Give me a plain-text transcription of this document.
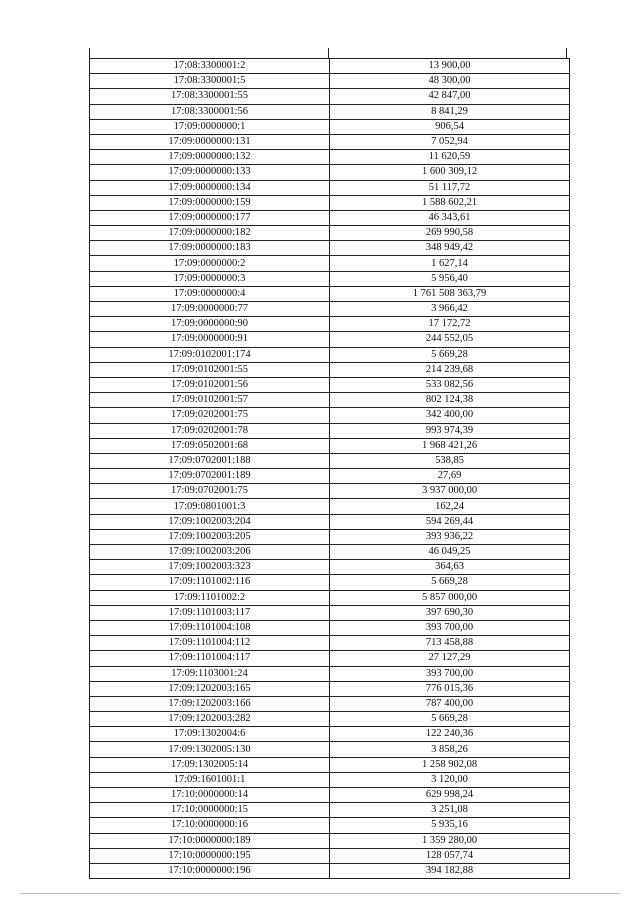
17:08:3300001:2	13 900,00
17:08:3300001:5	48 300,00
17:08:3300001:55	42 847,00
17:08:3300001:56	8 841,29
17:09:0000000:1	906,54
17:09:0000000:131	7 052,94
17:09:0000000:132	11 620,59
17:09:0000000:133	1 600 309,12
17:09:0000000:134	51 117,72
17:09:0000000:159	1 588 602,21
17:09:0000000:177	46 343,61
17:09:0000000:182	269 990,58
17:09:0000000:183	348 949,42
17:09:0000000:2	1 627,14
17:09:0000000:3	5 956,40
17:09:0000000:4	1 761 508 363,79
17:09:0000000:77	3 966,42
17:09:0000000:90	17 172,72
17:09:0000000:91	244 552,05
17:09:0102001:174	5 669,28
17:09:0102001:55	214 239,68
17:09:0102001:56	533 082,56
17:09:0102001:57	802 124,38
17:09:0202001:75	342 400,00
17:09:0202001:78	993 974,39
17:09:0502001:68	1 968 421,26
17:09:0702001:188	538,85
17:09:0702001:189	27,69
17:09:0702001:75	3 937 000,00
17:09:0801001:3	162,24
17:09:1002003:204	594 269,44
17:09:1002003:205	393 936,22
17:09:1002003:206	46 049,25
17:09:1002003:323	364,63
17:09:1101002:116	5 669,28
17:09:1101002:2	5 857 000,00
17:09:1101003:117	397 690,30
17:09:1101004:108	393 700,00
17:09:1101004:112	713 458,88
17:09:1101004:117	27 127,29
17:09:1103001:24	393 700,00
17:09:1202003:165	776 015,36
17:09:1202003:166	787 400,00
17:09:1202003:282	5 669,28
17:09:1302004:6	122 240,36
17:09:1302005:130	3 858,26
17:09:1302005:14	1 258 902,08
17:09:1601001:1	3 120,00
17:10:0000000:14	629 998,24
17:10:0000000:15	3 251,08
17:10:0000000:16	5 935,16
17:10:0000000:189	1 359 280,00
17:10:0000000:195	128 057,74
17:10:0000000:196	394 182,88
